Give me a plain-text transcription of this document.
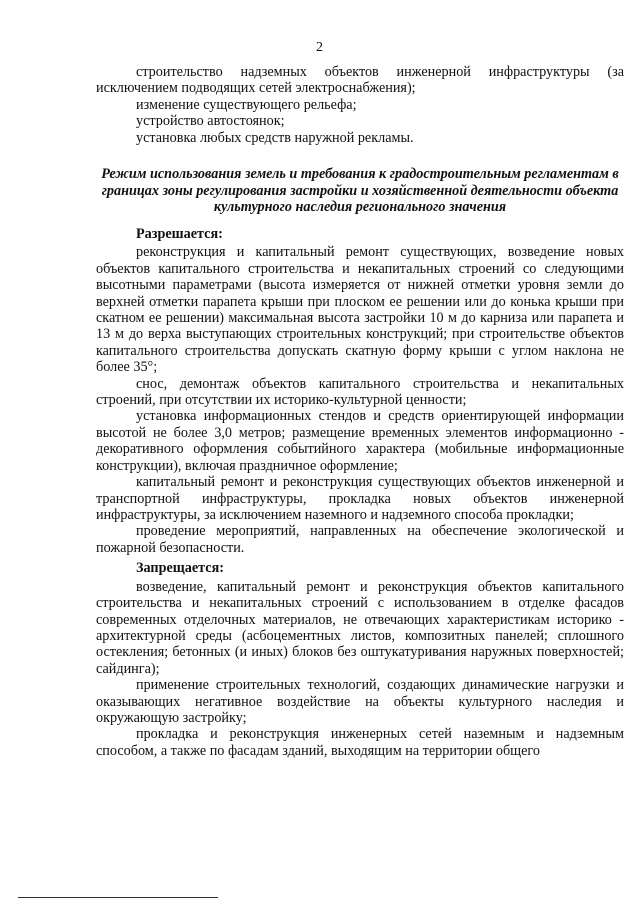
2

строительство надземных объектов инженерной инфраструктуры (за исключением подводящих сетей электроснабжения);

изменение существующего рельефа;

устройство автостоянок;

установка любых средств наружной рекламы.

Режим использования земель и требования к градостроительным регламентам в границах зоны регулирования застройки и хозяйственной деятельности объекта культурного наследия регионального значения
Разрешается:

реконструкция и капитальный ремонт существующих, возведение новых объектов капитального строительства и некапитальных строений со следующими высотными параметрами (высота измеряется от нижней отметки уровня земли до верхней отметки парапета крыши при плоском ее решении или до конька крыши при скатном ее решении) максимальная высота застройки 10 м до карниза или парапета и 13 м до верха выступающих строительных конструкций; при строительстве объектов капитального строительства допускать скатную форму крыши с углом наклона не более 35°;

снос, демонтаж объектов капитального строительства и некапитальных строений, при отсутствии их историко-культурной ценности;

установка информационных стендов и средств ориентирующей информации высотой не более 3,0 метров; размещение временных элементов информационно - декоративного оформления событийного характера (мобильные информационные конструкции), включая праздничное оформление;

капитальный ремонт и реконструкция существующих объектов инженерной и транспортной инфраструктуры, прокладка новых объектов инженерной инфраструктуры, за исключением наземного и надземного способа прокладки;

проведение мероприятий, направленных на обеспечение экологической и пожарной безопасности.

Запрещается:

возведение, капитальный ремонт и реконструкция объектов капитального строительства и некапитальных строений с использованием в отделке фасадов современных отделочных материалов, не отвечающих характеристикам историко - архитектурной среды (асбоцементных листов, композитных панелей; сплошного остекления; бетонных (и иных) блоков без оштукатуривания наружных поверхностей; сайдинга);

применение строительных технологий, создающих динамические нагрузки и оказывающих негативное воздействие на объекты культурного наследия и окружающую застройку;

прокладка и реконструкция инженерных сетей наземным и надземным способом, а также по фасадам зданий, выходящим на территории общего
